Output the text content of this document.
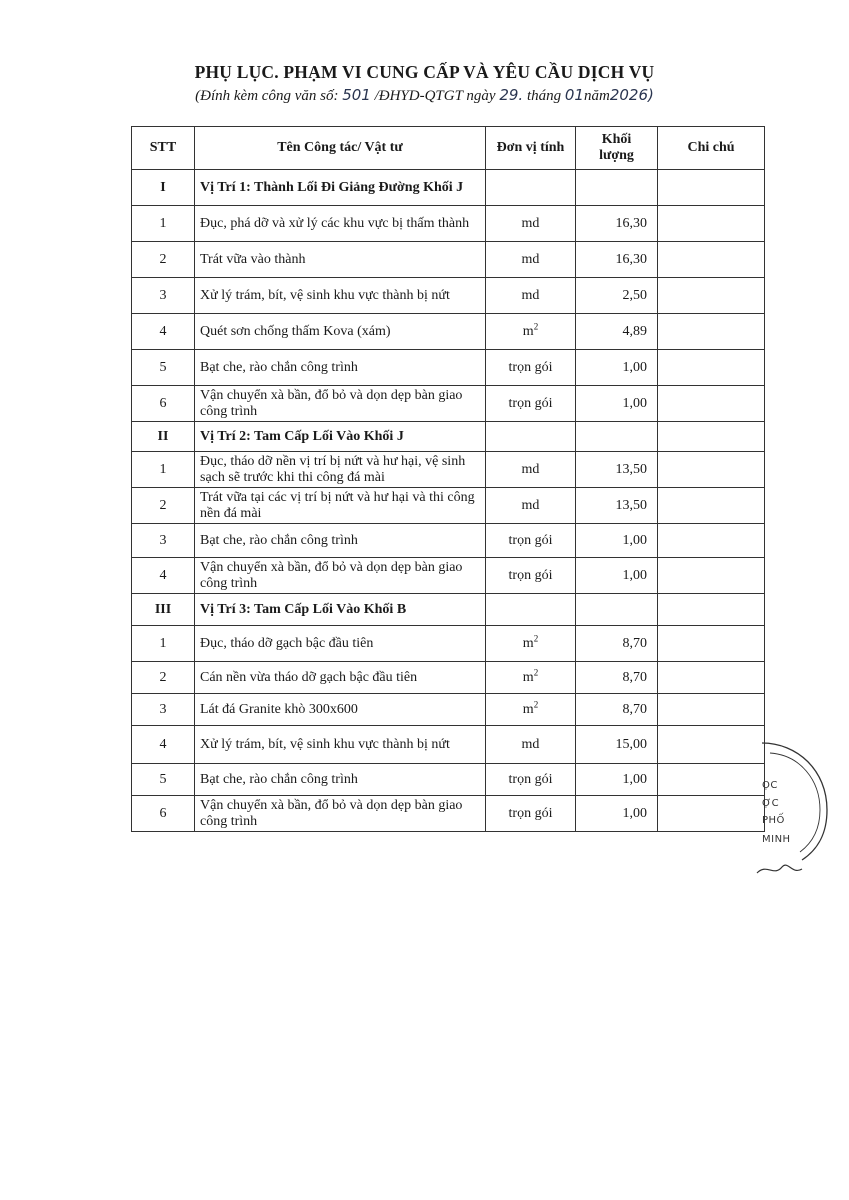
PHỤ LỤC. PHẠM VI CUNG CẤP VÀ YÊU CẦU DỊCH VỤ
(Đính kèm công văn số: 501 /ĐHYD-QTGT ngày 29. tháng 01năm2026)
STT	Tên Công tác/ Vật tư	Đơn vị tính	Khối lượng	Chi chú
I	Vị Trí 1: Thành Lối Đi Giảng Đường Khối J			
1	Đục, phá dỡ và xử lý các khu vực bị thấm thành	md	16,30	
2	Trát vữa vào thành	md	16,30	
3	Xử lý trám, bít, vệ sinh khu vực thành bị nứt	md	2,50	
4	Quét sơn chống thấm Kova (xám)	$m^2$	4,89	
5	Bạt che, rào chắn công trình	trọn gói	1,00	
6	Vận chuyển xà bần, đổ bỏ và dọn dẹp bàn giao công trình	trọn gói	1,00	
II	Vị Trí 2: Tam Cấp Lối Vào Khối J			
1	Đục, tháo dỡ nền vị trí bị nứt và hư hại, vệ sinh sạch sẽ trước khi thi công đá mài	md	13,50	
2	Trát vữa tại các vị trí bị nứt và hư hại và thi công nền đá mài	md	13,50	
3	Bạt che, rào chắn công trình	trọn gói	1,00	
4	Vận chuyển xà bần, đổ bỏ và dọn dẹp bàn giao công trình	trọn gói	1,00	
III	Vị Trí 3: Tam Cấp Lối Vào Khối B			
1	Đục, tháo dỡ gạch bậc đầu tiên	$m^2$	8,70	
2	Cán nền vừa tháo dỡ gạch bậc đầu tiên	$m^2$	8,70	
3	Lát đá Granite khò 300x600	$m^2$	8,70	
4	Xử lý trám, bít, vệ sinh khu vực thành bị nứt	md	15,00	
5	Bạt che, rào chắn công trình	trọn gói	1,00	
6	Vận chuyển xà bần, đổ bỏ và dọn dẹp bàn giao công trình	trọn gói	1,00	
ỌC
ỢC
PHỐ
MINH
